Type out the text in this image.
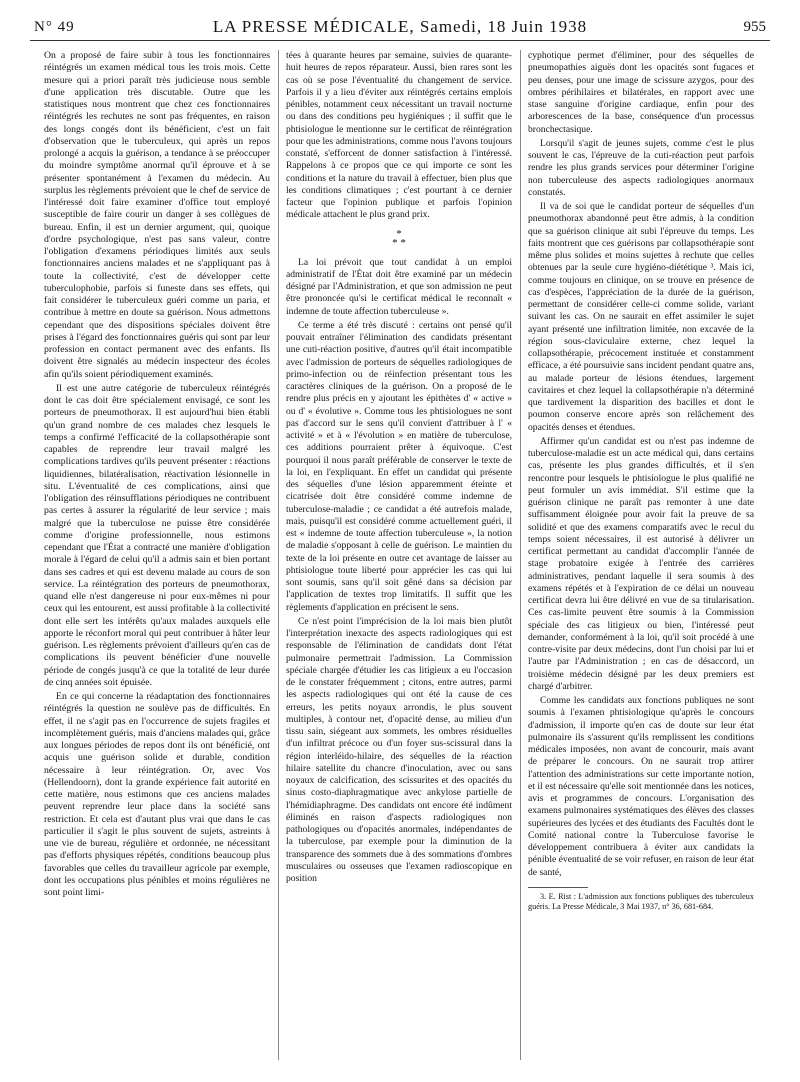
N° 49	LA PRESSE MÉDICALE, Samedi, 18 Juin 1938	955

On a proposé de faire subir à tous les fonctionnaires réintégrés un examen médical tous les trois mois. Cette mesure qui a priori paraît très judicieuse nous semble d'une application très discutable. Outre que les statistiques nous montrent que chez ces fonctionnaires réintégrés les rechutes ne sont pas fréquentes, en raison des longs congés dont ils bénéficient, c'est un fait d'observation que le tuberculeux, qui après un repos prolongé a acquis la guérison, a tendance à se préoccuper du moindre symptôme anormal qu'il éprouve et à se présenter spontanément à l'examen du médecin. Au surplus les règlements prévoient que le chef de service de l'intéressé doit faire examiner d'office tout employé susceptible de faire courir un danger à ses collègues de bureau. Enfin, il est un dernier argument, qui, quoique d'ordre psychologique, n'est pas sans valeur, contre l'obligation d'examens périodiques limités aux seuls fonctionnaires anciens malades et ne s'appliquant pas à toute la collectivité, c'est de développer cette tuberculophobie, parfois si funeste dans ses effets, qui fait considérer le tuberculeux guéri comme un paria, et contribue à mettre en doute sa guérison. Nous admettons cependant que des dispositions spéciales doivent être prises à l'égard des fonctionnaires guéris qui sont par leur profession en contact permanent avec des enfants. Ils doivent être signalés au médecin inspecteur des écoles afin qu'ils soient périodiquement examinés.

Il est une autre catégorie de tuberculeux réintégrés dont le cas doit être spécialement envisagé, ce sont les porteurs de pneumothorax. Il est aujourd'hui bien établi qu'un grand nombre de ces malades chez lesquels le temps a confirmé l'efficacité de la collapsothérapie sont capables de reprendre leur travail malgré les complications tardives qu'ils peuvent présenter : réactions liquidiennes, bilatéralisation, réactivation lésionnelle in situ. L'éventualité de ces complications, ainsi que l'obligation des réinsufflations périodiques ne contribuent pas certes à assurer la régularité de leur service ; mais malgré que la tuberculose ne puisse être considérée comme d'origine professionnelle, nous estimons cependant que l'État a contracté une manière d'obligation morale à l'égard de celui qu'il a admis sain et bien portant dans ses cadres et qui est devenu malade au cours de son service. La réintégration des porteurs de pneumothorax, quand elle n'est dangereuse ni pour eux-mêmes ni pour ceux qui les entourent, est aussi profitable à la collectivité dont elle sert les intérêts qu'aux malades auxquels elle apporte le réconfort moral qui peut contribuer à hâter leur guérison. Les règlements prévoient d'ailleurs qu'en cas de complications ils peuvent bénéficier d'une nouvelle période de congés jusqu'à ce que la totalité de leur durée de cinq années soit épuisée.

En ce qui concerne la réadaptation des fonctionnaires réintégrés la question ne soulève pas de difficultés. En effet, il ne s'agit pas en l'occurrence de sujets fragiles et incomplètement guéris, mais d'anciens malades qui, grâce aux longues périodes de repos dont ils ont bénéficié, ont acquis une guérison solide et durable, condition nécessaire à leur réintégration. Or, avec Vos (Hellendoorn), dont la grande expérience fait autorité en cette matière, nous estimons que ces anciens malades peuvent reprendre leur place dans la société sans restriction. Et cela est d'autant plus vrai que dans le cas particulier il s'agit le plus souvent de sujets, astreints à une vie de bureau, régulière et ordonnée, ne nécessitant pas d'efforts physiques répétés, conditions beaucoup plus favorables que celles du travailleur agricole par exemple, dont les occupations plus pénibles et moins régulières ne sont point limi-

tées à quarante heures par semaine, suivies de quarante-huit heures de repos réparateur. Aussi, bien rares sont les cas où se pose l'éventualité du changement de service. Parfois il y a lieu d'éviter aux réintégrés certains emplois pénibles, notamment ceux nécessitant un travail nocturne ou dans des conditions peu hygiéniques ; il suffit que le phtisiologue le mentionne sur le certificat de réintégration pour que les administrations, comme nous l'avons toujours constaté, s'efforcent de donner satisfaction à l'intéressé. Rappelons à ce propos que ce qui importe ce sont les conditions et la nature du travail à effectuer, bien plus que les conditions climatiques ; c'est pourtant à ce dernier facteur que l'opinion publique et parfois l'opinion médicale attachent le plus grand prix.

*
* *

La loi prévoit que tout candidat à un emploi administratif de l'État doit être examiné par un médecin désigné par l'Administration, et que son admission ne peut être prononcée qu'si le certificat médical le reconnaît « indemne de toute affection tuberculeuse ».

Ce terme a été très discuté : certains ont pensé qu'il pouvait entraîner l'élimination des candidats présentant une cuti-réaction positive, d'autres qu'il était incompatible avec l'admission de porteurs de séquelles radiologiques de primo-infection ou de réinfection présentant tous les caractères cliniques de la guérison. On a proposé de le rendre plus précis en y ajoutant les épithètes d' « active » ou d' « évolutive ». Comme tous les phtisiologues ne sont pas d'accord sur le sens qu'il convient d'attribuer à l' « activité » et à « l'évolution » en matière de tuberculose, ces additions pourraient prêter à équivoque. C'est pourquoi il nous paraît préférable de conserver le texte de la loi, en l'expliquant. En effet un candidat qui présente des séquelles d'une lésion apparemment éteinte et cicatrisée doit être considéré comme indemne de tuberculose-maladie ; ce candidat a été autrefois malade, mais, puisqu'il est considéré comme actuellement guéri, il est « indemne de toute affection tuberculeuse », la notion de maladie s'opposant à celle de guérison. Le maintien du texte de la loi présente en outre cet avantage de laisser au phtisiologue toute liberté pour apprécier les cas qui lui sont soumis, sans qu'il soit gêné dans sa décision par l'application de textes trop limitatifs. Il suffit que les règlements d'application en précisent le sens.

Ce n'est point l'imprécision de la loi mais bien plutôt l'interprétation inexacte des aspects radiologiques qui est responsable de l'élimination de candidats dont l'état pulmonaire permettrait l'admission. La Commission spéciale chargée d'étudier les cas litigieux a eu l'occasion de le constater fréquemment ; citons, entre autres, parmi les aspects radiologiques qui ont été la cause de ces erreurs, les petits noyaux arrondis, le plus souvent multiples, à contour net, d'opacité dense, au milieu d'un tissu sain, siégeant aux sommets, les ombres résiduelles d'un infiltrat précoce ou d'un foyer sus-scissural dans la région interléido-hilaire, des séquelles de la réaction hilaire satellite du chancre d'inoculation, avec ou sans noyaux de calcification, des scissurites et des opacités du sinus costo-diaphragmatique avec ankylose partielle de l'hémidiaphragme. Des candidats ont encore été indûment éliminés en raison d'aspects radiologiques non pathologiques ou d'opacités anormales, indépendantes de la tuberculose, par exemple pour la diminution de la transparence des sommets due à des sommations d'ombres musculaires ou osseuses que l'examen radioscopique en position

cyphotique permet d'éliminer, pour des séquelles de pneumopathies aiguës dont les opacités sont fugaces et peu denses, pour une image de scissure azygos, pour des ombres périhilaires et bilatérales, en rapport avec une stase sanguine d'origine cardiaque, enfin pour des arborescences de la base, conséquence d'un processus bronchectasique.

Lorsqu'il s'agit de jeunes sujets, comme c'est le plus souvent le cas, l'épreuve de la cuti-réaction peut parfois rendre les plus grands services pour déterminer l'origine non tuberculeuse des aspects radiologiques anormaux constatés.

Il va de soi que le candidat porteur de séquelles d'un pneumothorax abandonné peut être admis, à la condition que sa guérison clinique ait subi l'épreuve du temps. Les faits montrent que ces guérisons par collapsothérapie sont même plus solides et moins sujettes à rechute que celles obtenues par la seule cure hygiéno-diététique ³. Mais ici, comme toujours en clinique, on se trouve en présence de cas d'espèces, l'appréciation de la durée de la guérison, permettant de considérer celle-ci comme solide, variant suivant les cas. On ne saurait en effet assimiler le sujet ayant présenté une infiltration limitée, non excavée de la région sous-claviculaire externe, chez lequel la collapsothérapie, précocement instituée et constamment efficace, a été poursuivie sans incident pendant quatre ans, au malade porteur de lésions étendues, largement cavitaires et chez lequel la collapsothérapie n'a déterminé que tardivement la disparition des bacilles et dont le poumon conserve encore après son relâchement des opacités denses et étendues.

Affirmer qu'un candidat est ou n'est pas indemne de tuberculose-maladie est un acte médical qui, dans certains cas, présente les plus grandes difficultés, et il s'en rencontre pour lesquels le phtisiologue le plus qualifié ne peut formuler un avis immédiat. S'il estime que la guérison clinique ne paraît pas remonter à une date suffisamment éloignée pour avoir fait la preuve de sa solidité et que des examens comparatifs avec le recul du temps soient nécessaires, il est autorisé à délivrer un certificat permettant au candidat d'accomplir l'année de stage probatoire exigée à l'entrée des carrières administratives, pendant laquelle il sera soumis à des examens répétés et à l'expiration de ce délai un nouveau certificat devra lui être délivré en vue de sa titularisation. Ces cas-limite peuvent être soumis à la Commission spéciale des cas litigieux ou bien, l'intéressé peut demander, conformément à la loi, qu'il soit procédé à une contre-visite par deux médecins, dont l'un choisi par lui et l'autre par l'Administration ; en cas de désaccord, un troisième médecin désigné par les deux premiers est chargé d'arbitrer.

Comme les candidats aux fonctions publiques ne sont soumis à l'examen phtisiologique qu'après le concours d'admission, il importe qu'en cas de doute sur leur état pulmonaire ils s'assurent qu'ils remplissent les conditions médicales imposées, non avant de concourir, mais avant de préparer le concours. On ne saurait trop attirer l'attention des administrations sur cette importante notion, et il est nécessaire qu'elle soit mentionnée dans les notices, avis et programmes de concours. L'organisation des examens pulmonaires systématiques des élèves des classes supérieures des lycées et des étudiants des Facultés dont le Comité national contre la Tuberculose favorise le développement contribuera à éviter aux candidats la pénible éventualité de se voir refuser, en raison de leur état de santé,

3. E. Rist : L'admission aux fonctions publiques des tuberculeux guéris. La Presse Médicale, 3 Mai 1937, n° 36, 681-684.
